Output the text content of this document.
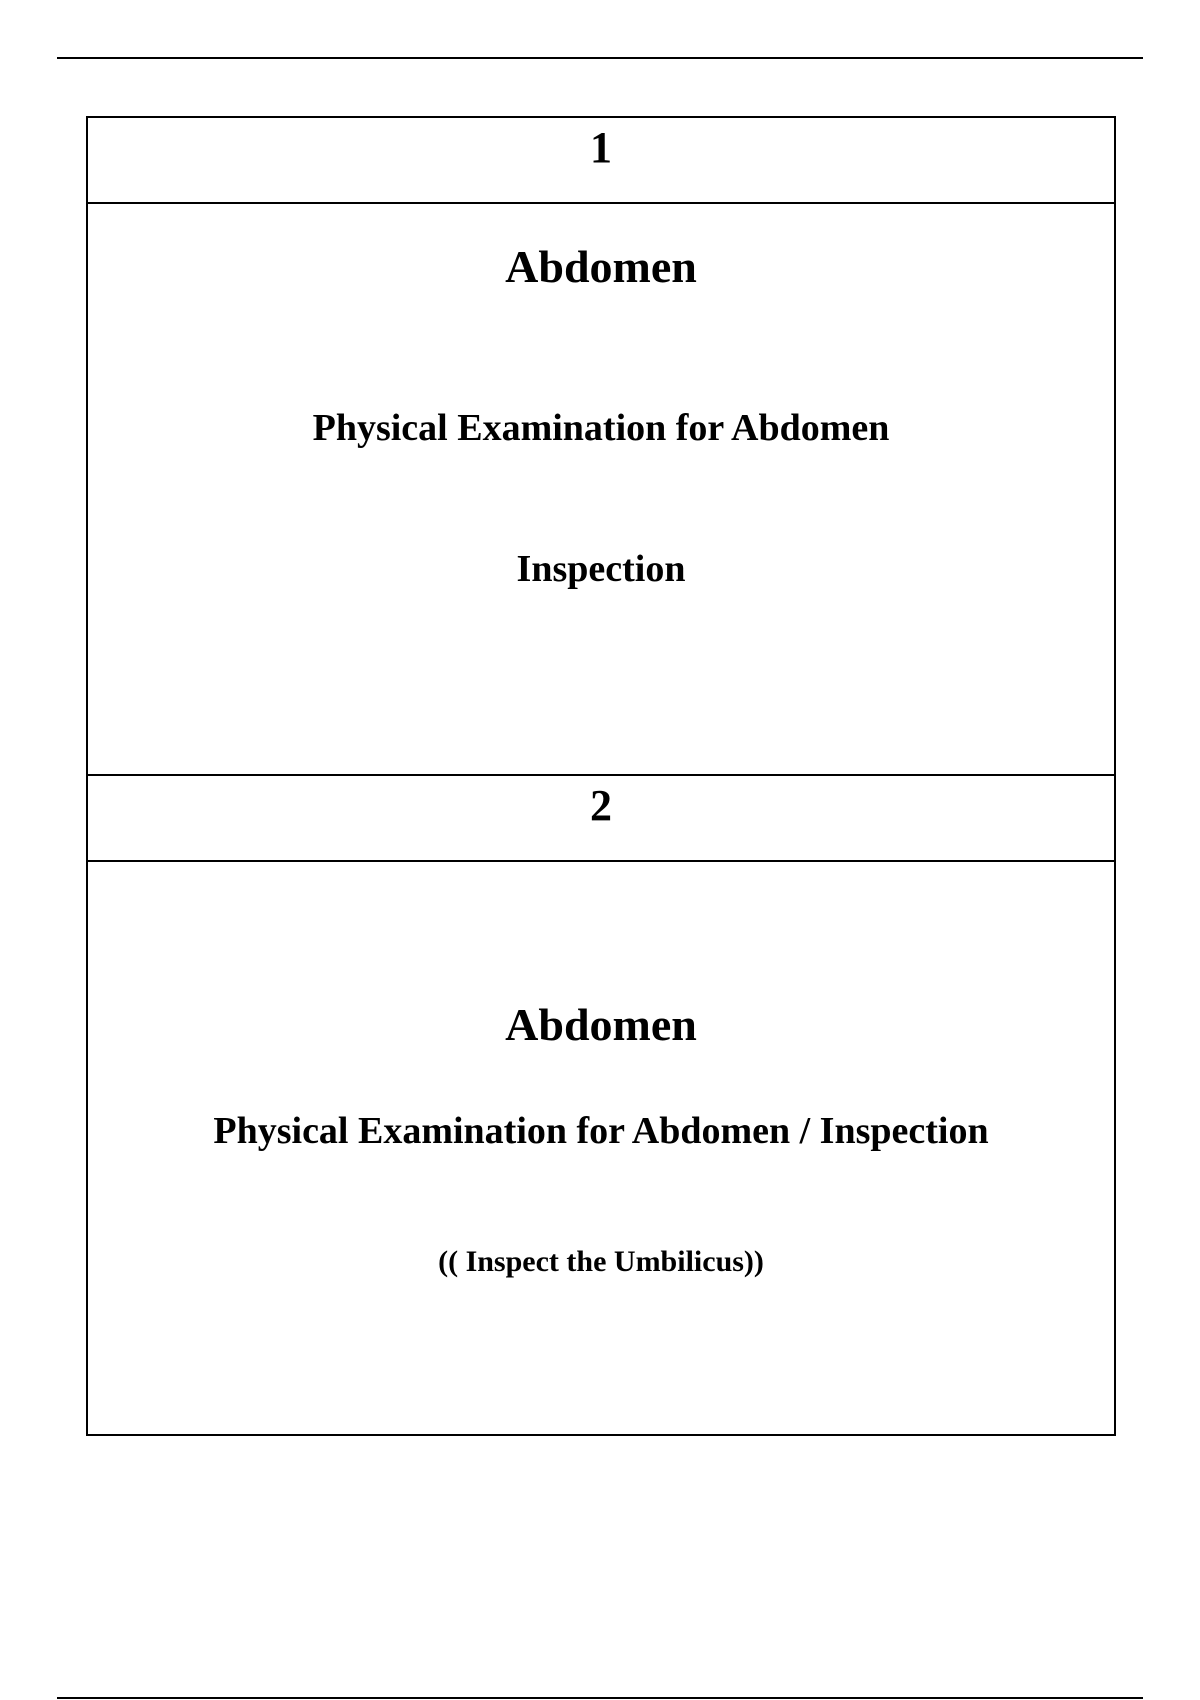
1
Abdomen
Physical Examination for Abdomen
Inspection
2
Abdomen
Physical Examination for Abdomen / Inspection
(( Inspect the Umbilicus))
